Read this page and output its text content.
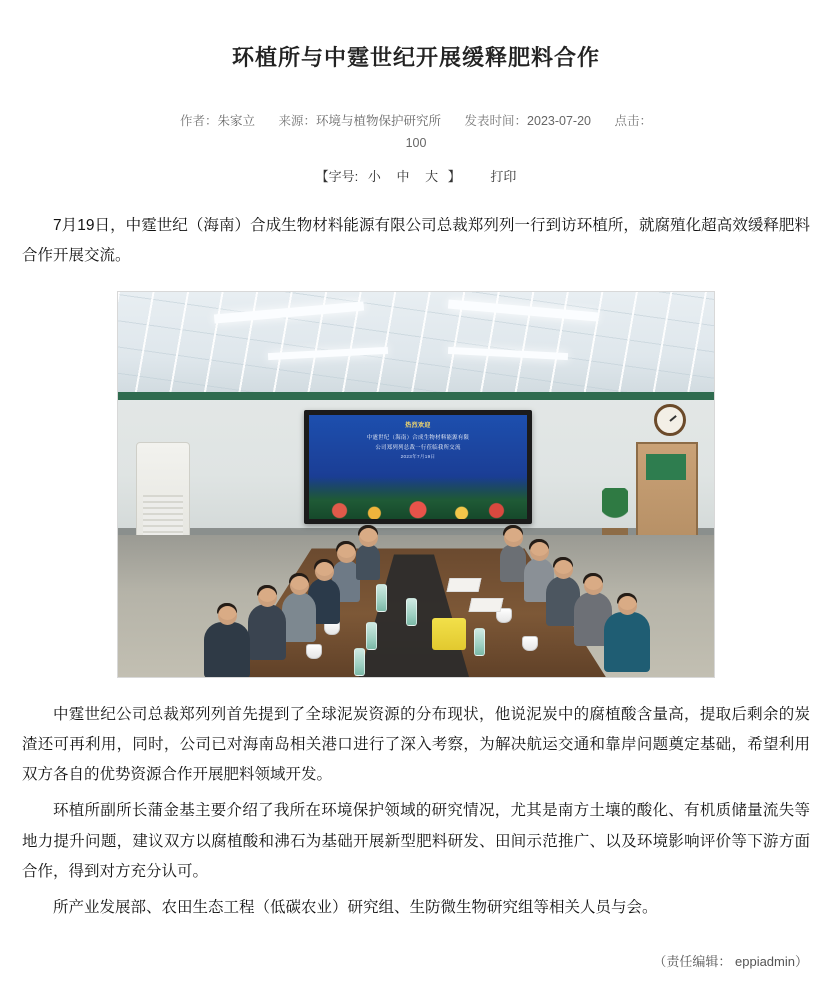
环植所与中霆世纪开展缓释肥料合作
作者：朱家立 来源：环境与植物保护研究所 发表时间：2023-07-20 点击：
100
【字号: 小 中 大 】 打印

7月19日，中霆世纪（海南）合成生物材料能源有限公司总裁郑列列一行到访环植所，就腐殖化超高效缓释肥料合作开展交流。

热烈欢迎
中霆世纪（海南）合成生物材料能源有限
公司郑列列总裁一行莅临我所交流
2023年7月19日

中霆世纪公司总裁郑列列首先提到了全球泥炭资源的分布现状，他说泥炭中的腐植酸含量高，提取后剩余的炭渣还可再利用，同时，公司已对海南岛相关港口进行了深入考察，为解决航运交通和靠岸问题奠定基础，希望利用双方各自的优势资源合作开展肥料领域开发。

环植所副所长蒲金基主要介绍了我所在环境保护领域的研究情况，尤其是南方土壤的酸化、有机质储量流失等地力提升问题，建议双方以腐植酸和沸石为基础开展新型肥料研发、田间示范推广、以及环境影响评价等下游方面合作，得到对方充分认可。

所产业发展部、农田生态工程（低碳农业）研究组、生防微生物研究组等相关人员与会。

（责任编辑： eppiadmin）
